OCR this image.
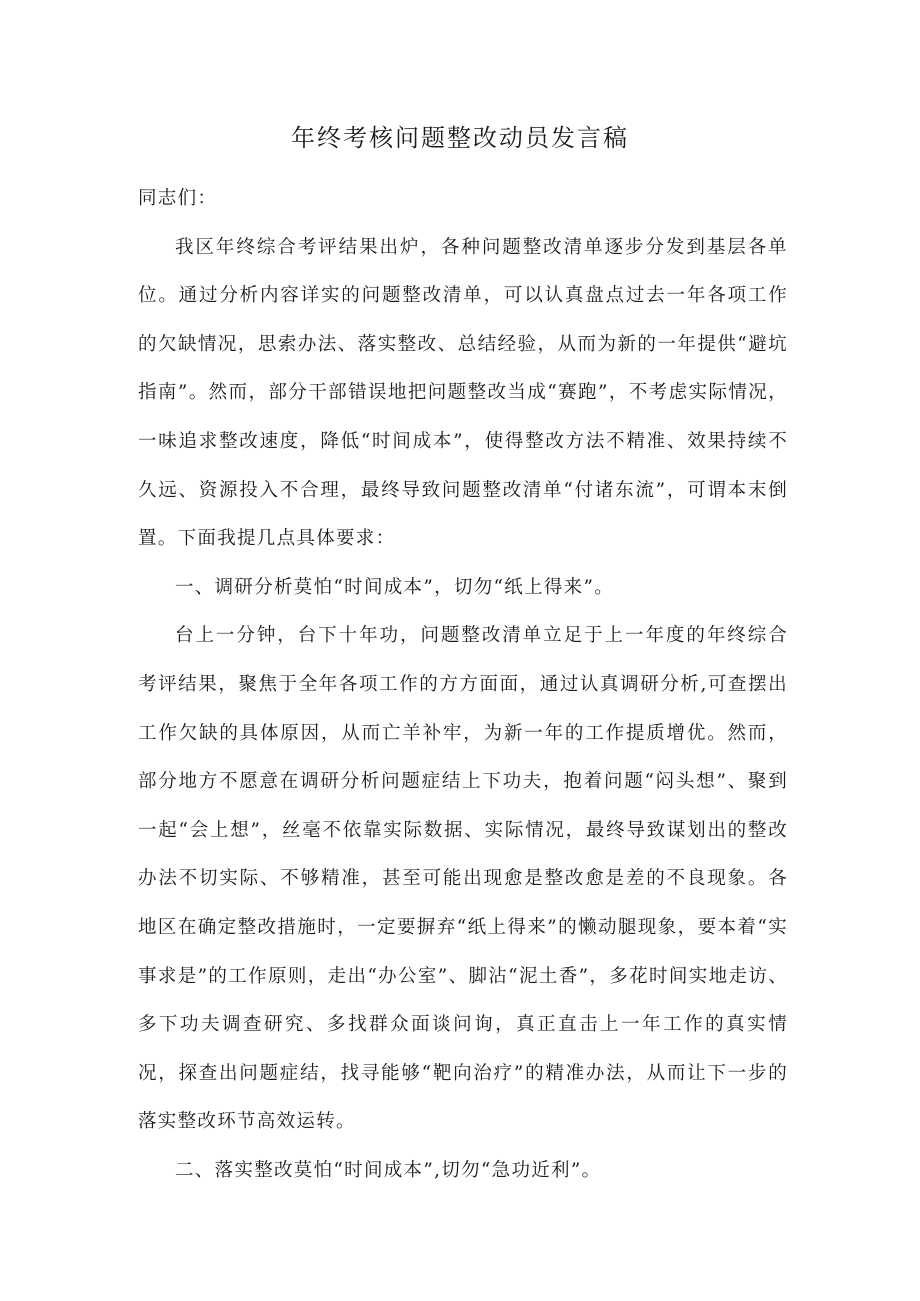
年终考核问题整改动员发言稿

同志们：

我区年终综合考评结果出炉，各种问题整改清单逐步分发到基层各单位。通过分析内容详实的问题整改清单，可以认真盘点过去一年各项工作的欠缺情况，思索办法、落实整改、总结经验，从而为新的一年提供“避坑指南”。然而，部分干部错误地把问题整改当成“赛跑”，不考虑实际情况，一味追求整改速度，降低“时间成本”，使得整改方法不精准、效果持续不久远、资源投入不合理，最终导致问题整改清单“付诸东流”，可谓本末倒置。下面我提几点具体要求：

一、调研分析莫怕“时间成本”，切勿“纸上得来”。

台上一分钟，台下十年功，问题整改清单立足于上一年度的年终综合考评结果，聚焦于全年各项工作的方方面面，通过认真调研分析,可查摆出工作欠缺的具体原因，从而亡羊补牢，为新一年的工作提质增优。然而，部分地方不愿意在调研分析问题症结上下功夫，抱着问题“闷头想”、聚到一起“会上想”，丝毫不依靠实际数据、实际情况，最终导致谋划出的整改办法不切实际、不够精准，甚至可能出现愈是整改愈是差的不良现象。各地区在确定整改措施时，一定要摒弃“纸上得来”的懒动腿现象，要本着“实事求是”的工作原则，走出“办公室”、脚沾“泥土香”，多花时间实地走访、多下功夫调查研究、多找群众面谈问询，真正直击上一年工作的真实情况，探查出问题症结，找寻能够“靶向治疗”的精准办法，从而让下一步的落实整改环节高效运转。

二、落实整改莫怕“时间成本”,切勿“急功近利”。
